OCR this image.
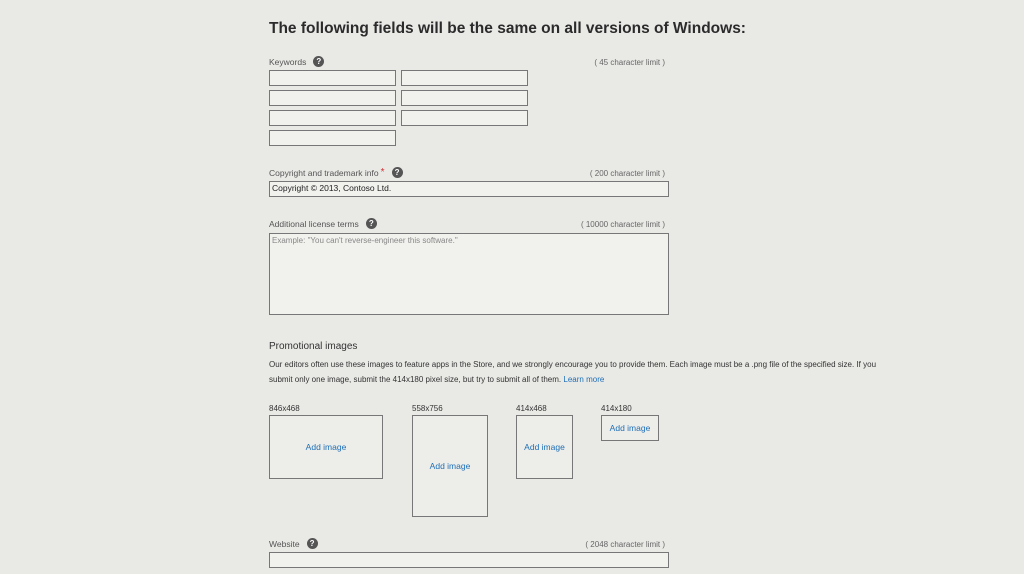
The following fields will be the same on all versions of Windows:
Keywords	?	( 45 character limit )
Copyright and trademark info *	?	( 200 character limit )
Copyright © 2013, Contoso Ltd.
Additional license terms	?	( 10000 character limit )
Example: "You can't reverse-engineer this software."
Promotional images
Our editors often use these images to feature apps in the Store, and we strongly encourage you to provide them. Each image must be a .png file of the specified size. If you submit only one image, submit the 414x180 pixel size, but try to submit all of them. Learn more
846x468	558x756	414x468	414x180
Add image
Add image
Add image
Add image
Website	?	( 2048 character limit )
